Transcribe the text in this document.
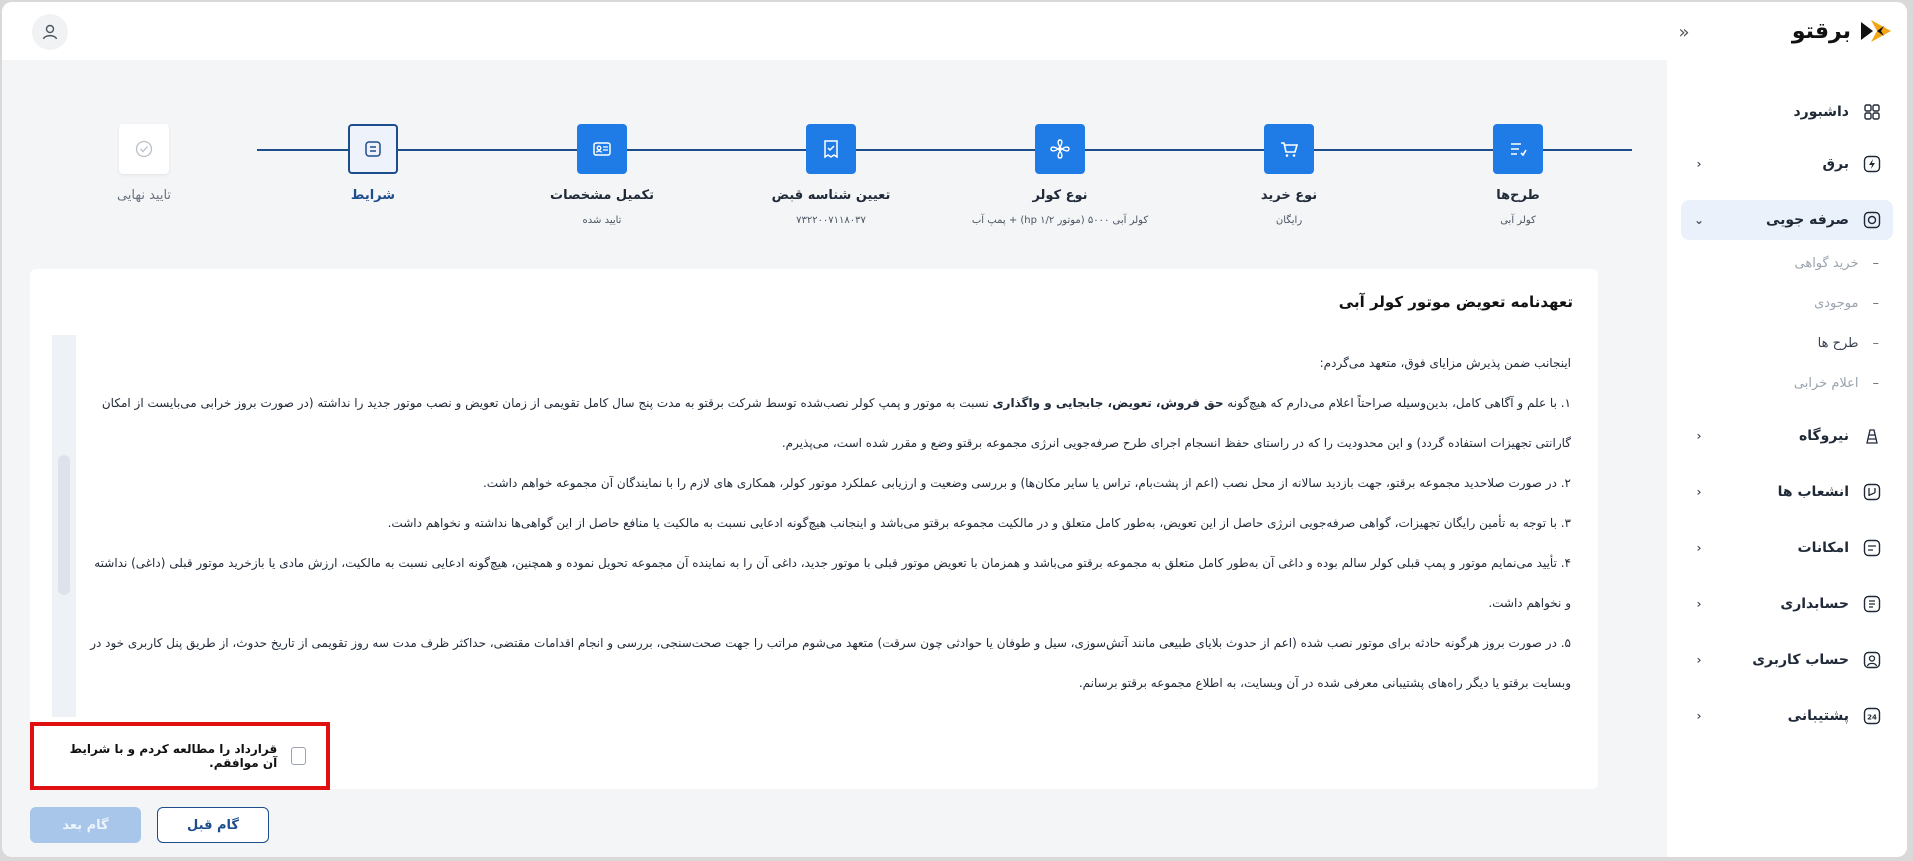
برقتو
«
داشبورد
برق
‹
صرفه جویی
⌄
–
خرید گواهی
–
موجودی
–
طرح ها
–
اعلام خرابی
نیروگاه
‹
انشعاب ها
‹
امکانات
‹
حسابداری
‹
حساب کاربری
‹
24
پشتیبانی
‹
طرح‌ها
کولر آبی
نوع خرید
رایگان
نوع کولر
کولر آبی ۵۰۰۰ (موتور ۱/۲ hp) + پمپ آب
تعیین شناسه قبض
۷۳۲۲۰۰۷۱۱۸۰۳۷
تکمیل مشخصات
تایید شده
شرایط
تایید نهایی
تعهدنامه تعویض موتور کولر آبی

اینجانب ضمن پذیرش مزایای فوق، متعهد می‌گردم:

۱. با علم و آگاهی کامل، بدین‌وسیله صراحتاً اعلام می‌دارم که هیچ‌گونه حق فروش، تعویض، جابجایی و واگذاری نسبت به موتور و پمپ کولر نصب‌شده توسط شرکت برقتو به مدت پنج سال کامل تقویمی از زمان تعویض و نصب موتور جدید را نداشته (در صورت بروز خرابی می‌بایست از امکان گارانتی تجهیزات استفاده گردد) و این محدودیت را که در راستای حفظ انسجام اجرای طرح صرفه‌جویی انرژی مجموعه برقتو وضع و مقرر شده است، می‌پذیرم.

۲. در صورت صلاحدید مجموعه برقتو، جهت بازدید سالانه از محل نصب (اعم از پشت‌بام، تراس یا سایر مکان‌ها) و بررسی وضعیت و ارزیابی عملکرد موتور کولر، همکاری های لازم را با نمایندگان آن مجموعه خواهم داشت.

۳. با توجه به تأمین رایگان تجهیزات، گواهی صرفه‌جویی انرژی حاصل از این تعویض، به‌طور کامل متعلق و در مالکیت مجموعه برقتو می‌باشد و اینجانب هیچ‌گونه ادعایی نسبت به مالکیت یا منافع حاصل از این گواهی‌ها نداشته و نخواهم داشت.

۴. تأیید می‌نمایم موتور و پمپ قبلی کولر سالم بوده و داغی آن به‌طور کامل متعلق به مجموعه برقتو می‌باشد و همزمان با تعویض موتور قبلی با موتور جدید، داغی آن را به نماینده آن مجموعه تحویل نموده و همچنین، هیچ‌گونه ادعایی نسبت به مالکیت، ارزش مادی یا بازخرید موتور قبلی (داغی) نداشته و نخواهم داشت.

۵. در صورت بروز هرگونه حادثه برای موتور نصب شده (اعم از حدوث بلایای طبیعی مانند آتش‌سوزی، سیل و طوفان یا حوادثی چون سرقت) متعهد می‌شوم مراتب را جهت صحت‌سنجی، بررسی و انجام اقدامات مقتضی، حداکثر ظرف مدت سه روز تقویمی از تاریخ حدوث، از طریق پنل کاربری خود در وبسایت برقتو یا دیگر راه‌های پشتیبانی معرفی شده در آن وبسایت، به اطلاع مجموعه برقتو برسانم.

قرارداد را مطالعه کردم و با شرایط آن موافقم.
گام قبل
گام بعد
